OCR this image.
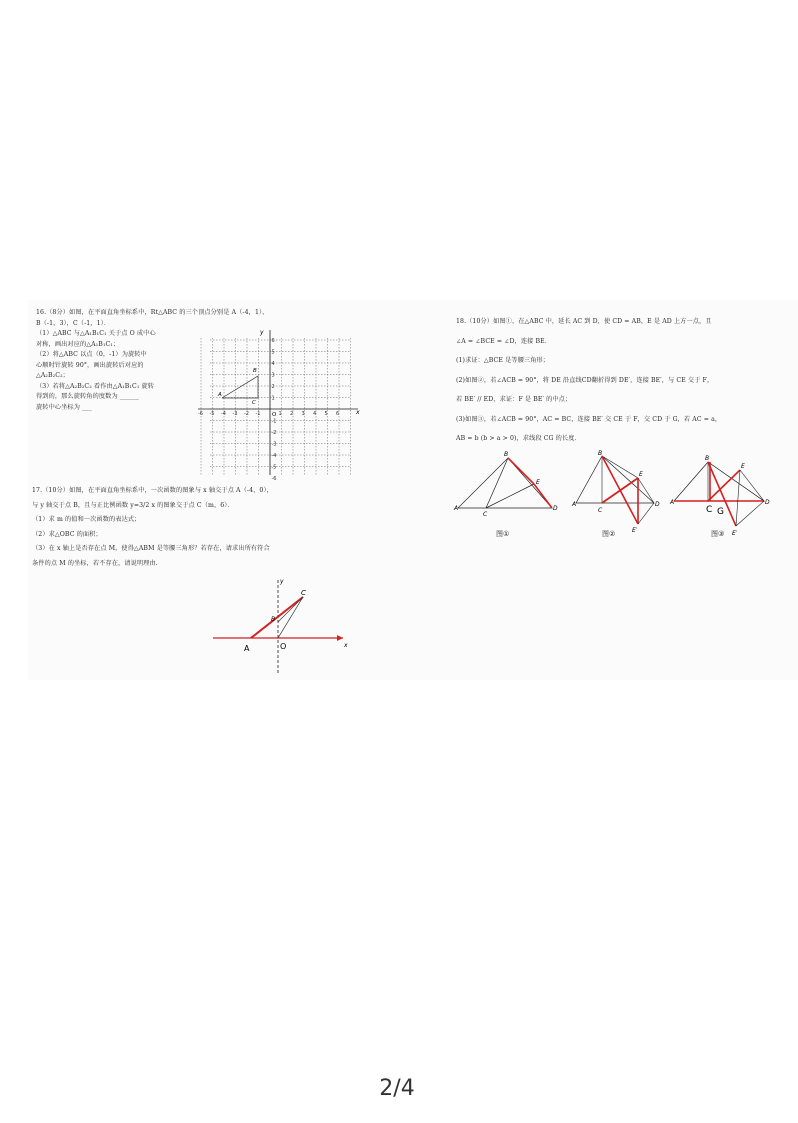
16.（8分）如图，在平面直角坐标系中，Rt△ABC 的三个顶点分别是 A（-4，1），

B（-1，3），C（-1，1）．

（1）△ABC 与△A₁B₁C₁ 关于点 O 成中心

对称，画出对应的△A₁B₁C₁；

（2）将△ABC 以点（0，-1）为旋转中

心顺时针旋转 90°，画出旋转后对应的

△A₂B₂C₂；

（3）若将△A₂B₂C₂ 看作由△A₁B₁C₁ 旋转

得到的，那么旋转角的度数为 ______

旋转中心坐标为 ___

-6 -5 -4 -3 -2 -1	1 2 3 4 5 6
6
5
4
3
2
1
-1
-2
-3
-4
-5
-6
x
y
A
B
C
O

17.（10分）如图，在平面直角坐标系中，一次函数的图象与 x 轴交于点 A（-4，0），

与 y 轴交于点 B，且与正比例函数 y=3/2 x 的图象交于点 C（m，6）．

（1）求 m 的值和一次函数的表达式；

（2）求△OBC 的面积；

（3）在 x 轴上是否存在点 M，使得△ABM 是等腰三角形？若存在，请求出所有符合

条件的点 M 的坐标，若不存在，请说明理由.

A	O
B
C
x
y

18.（10分）如图①，在△ABC 中，延长 AC 到 D，使 CD = AB，E 是 AD 上方一点，且

∠A = ∠BCE = ∠D，连接 BE．

(1)求证：△BCE 是等腰三角形；

(2)如图②，若∠ACB = 90°，将 DE 沿直线CD翻折得到 DE′，连接 BE′，与 CE 交于 F，

若 BE′ // ED，求证：F 是 BE′ 的中点；

(3)如图③，若∠ACB = 90°，AC = BC，连接 BE′ 交 CE 于 F，交 CD 于 G，若 AC = a，

AB = b (b > a > 0)，求线段 CG 的长度．

A
B
C
D
E
图①
A
B
C
D
E
E′
图②
A
B
C G
D
E
E′
图③
2/4
